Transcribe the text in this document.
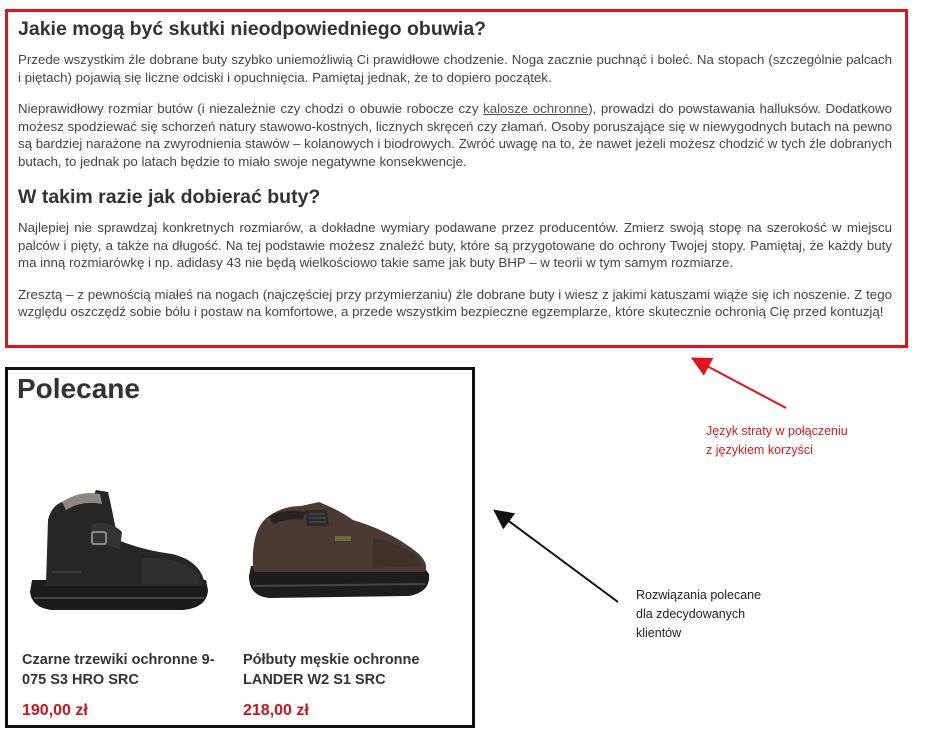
Jakie mogą być skutki nieodpowiedniego obuwia?

Przede wszystkim źle dobrane buty szybko uniemożliwią Ci prawidłowe chodzenie. Noga zacznie puchnąć i boleć. Na stopach (szczególnie palcach i piętach) pojawią się liczne odciski i opuchnięcia. Pamiętaj jednak, że to dopiero początek.

Nieprawidłowy rozmiar butów (i niezależnie czy chodzi o obuwie robocze czy kalosze ochronne), prowadzi do powstawania halluksów. Dodatkowo możesz spodziewać się schorzeń natury stawowo-kostnych, licznych skręceń czy złamań. Osoby poruszające się w niewygodnych butach na pewno są bardziej narażone na zwyrodnienia stawów – kolanowych i biodrowych. Zwróć uwagę na to, że nawet jeżeli możesz chodzić w tych źle dobranych butach, to jednak po latach będzie to miało swoje negatywne konsekwencje.

W takim razie jak dobierać buty?

Najlepiej nie sprawdzaj konkretnych rozmiarów, a dokładne wymiary podawane przez producentów. Zmierz swoją stopę na szerokość w miejscu palców i pięty, a także na długość. Na tej podstawie możesz znaleźć buty, które są przygotowane do ochrony Twojej stopy. Pamiętaj, że każdy buty ma inną rozmiarówkę i np. adidasy 43 nie będą wielkościowo takie same jak buty BHP – w teorii w tym samym rozmiarze.

Zresztą – z pewnością miałeś na nogach (najczęściej przy przymierzaniu) źle dobrane buty i wiesz z jakimi katuszami wiąże się ich noszenie. Z tego względu oszczędź sobie bólu i postaw na komfortowe, a przede wszystkim bezpieczne egzemplarze, które skutecznie ochronią Cię przed kontuzją!

Polecane
Czarne trzewiki ochronne 9-075 S3 HRO SRC
190,00 zł
Półbuty męskie ochronne LANDER W2 S1 SRC
218,00 zł
Język straty w połączeniu
z językiem korzyści
Rozwiązania polecane
dla zdecydowanych
klientów
